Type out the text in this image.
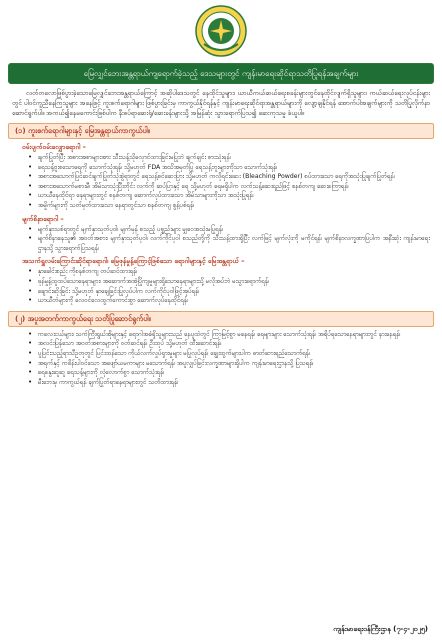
မြေလျှင်ဘေးအန္တရာယ်ကျရောက်ခဲ့သည့် ဒေသများတွင် ကျန်းမာရေးဆိုင်ရာသတိပြုရန်အချက်များ

လတ်တလောဖြစ်ပွားခဲ့သောမြေလျှင်ဘေးအန္တရာယ်ကြောင့် အဆိုပါဒေသတွင် နေထိုင်သူများ၊ ယာယီကယ်ဆယ်ရေးစခန်းများတွင်နေထိုင်လျက်ရှိသူများ၊ ကယ်ဆယ်ရေးလုပ်ငန်းများတွင် ပါဝင်ကူညီနေကြသူများ အနေဖြင့် ကူးစက်ရောဂါများ ဖြစ်ပွားခြင်းမှ ကာကွယ်နိုင်ရန်နှင့် ကျန်းမာရေးဆိုင်ရာအန္တရာယ်များကို လျော့ချနိုင်ရန် အောက်ပါအချက်များကို သတိပြုလိုက်နာဆောင်ရွက်ပါ။ အကယ်၍နေမကောင်းဖြစ်ပါက နီးစပ်ရာဆေးရုံ/ဆေးခန်းများသို့ အမြန်ဆုံး သွားရောက်ပြသ၍ ဆေးကုသမှု ခံယူပါ။

(၁) ကူးစက်ရောဂါများနှင့် မြေအန္တရာယ်ကာကွယ်ပါ။
ဝမ်းပျက်ဝမ်းလျှောရောဂါ –
• ချက်ပြုတ်ပြီး အစားအစာများအား သီးသန့်သိုလှောင်ထားခြင်းမပြုဘဲ ချက်ချင်း စားသုံးရန်၊
• ရေသန့်ဗူးစသောရေကို သောက်သုံးရန်၊ သို့မဟုတ် FDA အသိအမှတ်ပြု ရေသန့်ဘူးများကိုသာ သောက်သုံးရန်၊
• အစားအသောက်ပြင်ဆင်ချက်ပြုတ်သုံးစွဲရာတွင် ရေသန့်စင်ဆေးပြား သို့မဟုတ် ကလိုရင်းဆေး (Bleaching Powder) စပ်ထားသော ရေကိုအသုံးပြုချက်ပြုတ်ရန်၊
• အစားအသောက်မစားမီ၊ အိမ်သာသုံးပြီးတိုင်း လက်ကို ဆပ်ပြာနှင့် ရေ သို့မဟုတ် ရေမရှိပါက လက်သန့်ဆေးရည်ဖြင့် စနစ်တကျ ဆေးကြောရန်၊
• ယာယီနေထိုင်ရာ နေရာများတွင် စနစ်တကျ ဆောက်လုပ်ထားသော အိမ်သာများကိုသာ အသုံးပြုရန်၊
• အမှိုက်များကို သတ်မှတ်ထားသော နေရာတွင်သာ စနစ်တကျ စွန့်ပစ်ရန်၊
မျက်စိနာရောဂါ –
• မျက်နှာသစ်ရာတွင် မျက်နှာသုတ်ပုဝါ၊ မျက်မှန် စသည့် ပစ္စည်းများ မျှဝေအသုံးမပြုရန်၊
• မျက်စိနာနေသူ၏ အဝတ်အစား၊ မျက်နှာသုတ်ပုဝါ၊ လက်ကိုင်ပုဝါ စသည်တို့ကို သီးသန့်ထားရှိပြီး လက်ဖြင့် မျက်လုံးကို မကိုင်ရန်၊ မျက်စိနာလက္ခဏာပြပါက အနီးဆုံး ကျန်းမာရေးဌာနသို့ သွားရောက်ပြသရန်၊
အသက်ရှူလမ်းကြောင်းဆိုင်ရာရောဂါ၊ မြေဖုန်မှုန့်ကြောင့်ဖြစ်သော ရောဂါများနှင့် မြေအန္တရာယ် –
• နှာခေါင်းစည်း ကိုစနစ်တကျ တပ်ဆင်ထားရန်၊
• ဖုန်မှုန့်ထူထပ်သောနေရာများ၊ အဆောက်အအုံပြိုကျမှုများရှိသောနေရာများသို့ မလိုအပ်ဘဲ မသွားရောက်ရန်၊
• ချောင်းဆိုးခြင်း သို့မဟုတ် နှာချေခြင်းပြုလုပ်ပါက လက်ကိုင်ပုဝါဖြင့်အုပ်ရန်၊
• ယာယီတဲများကို လေဝင်လေထွက်ကောင်းစွာ ဆောက်လုပ်နေထိုင်ရန်၊
(၂) အပူအတက်ကာကွယ်ရေး သတိပြုဆောင်ရွက်ပါ။
• ကလေးငယ်များ၊ သက်ကြီးရွယ်အိုများနှင့် ရောဂါအခံရှိသူများသည် နေပူထဲတွင် ကြာမြင့်စွာ မနေရန်၊ ရေများများ သောက်သုံးရန်၊ အရိပ်ရသောနေရာများတွင် နားနေရန်၊
• အလင်းပြန်သော အဝတ်အစားများကို ဝတ်ဆင်ရန်၊ ဦးထုပ် သို့မဟုတ် ထီးဆောင်းရန်၊
• ပူပြင်းသည့်ရာသီဥတုတွင် ပြင်းထန်သော ကိုယ်လက်လှုပ်ရှားမှုများ မပြုလုပ်ရန်၊ ချွေးထွက်များပါက ဓာတ်ဆားရည်သောက်ရန်၊
• အရက်နှင့် ကဖိန်းပါဝင်သော အဖျော်ယမကာများ မသောက်ရန်၊ အပူလျှပ်ခြင်းလက္ခဏာများရှိပါက ကျန်းမာရေးဌာနသို့ ပြသရန်၊
• ရေနွေးဆူဆူ ရေသန့်များကို လုံလောက်စွာ သောက်သုံးရန်၊
• မီးဘေးမှ ကာကွယ်ရန် ချက်ပြုတ်ရာနေရာများတွင် သတိထားရန်၊
ကျန်းမာရေးဝန်ကြီးဌာန (၇-၄-၂၀၂၅)
